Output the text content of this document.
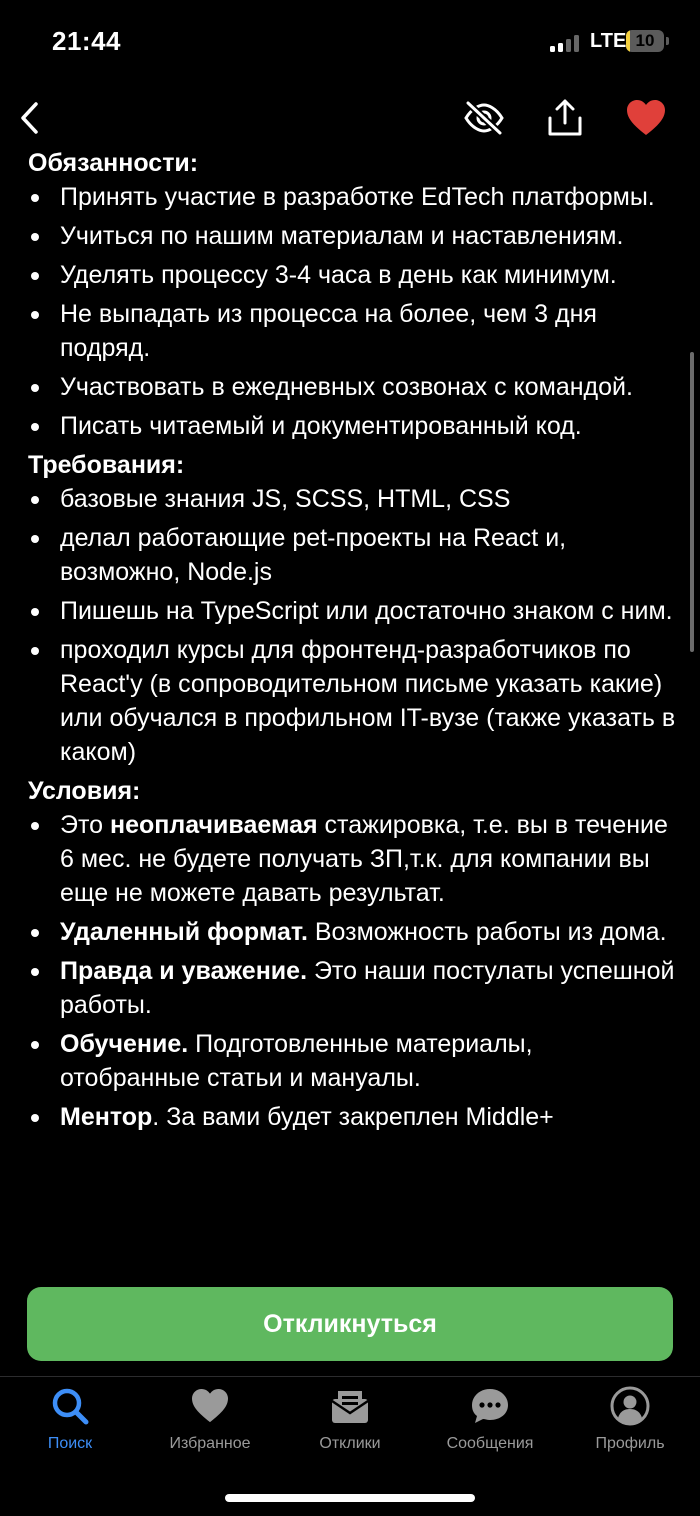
21:44	LTE 10
Обязанности:
Принять участие в разработке EdTech платформы.
Учиться по нашим материалам и наставлениям.
Уделять процессу 3-4 часа в день как минимум.
Не выпадать из процесса на более, чем 3 дня подряд.
Участвовать в ежедневных созвонах с командой.
Писать читаемый и документированный код.
Требования:
базовые знания JS, SCSS, HTML, CSS
делал работающие pet-проекты на React и, возможно, Node.js
Пишешь на TypeScript или достаточно знаком с ним.
проходил курсы для фронтенд-разработчиков по React'у (в сопроводительном письме указать какие) или обучался в профильном IT-вузе (также указать в каком)
Условия:
Это неоплачиваемая стажировка, т.е. вы в течение 6 мес. не будете получать ЗП,т.к. для компании вы еще не можете давать результат.
Удаленный формат. Возможность работы из дома.
Правда и уважение. Это наши постулаты успешной работы.
Обучение. Подготовленные материалы, отобранные статьи и мануалы.
Ментор. За вами будет закреплен Middle+
Откликнуться
Поиск	Избранное	Отклики	Сообщения	Профиль
